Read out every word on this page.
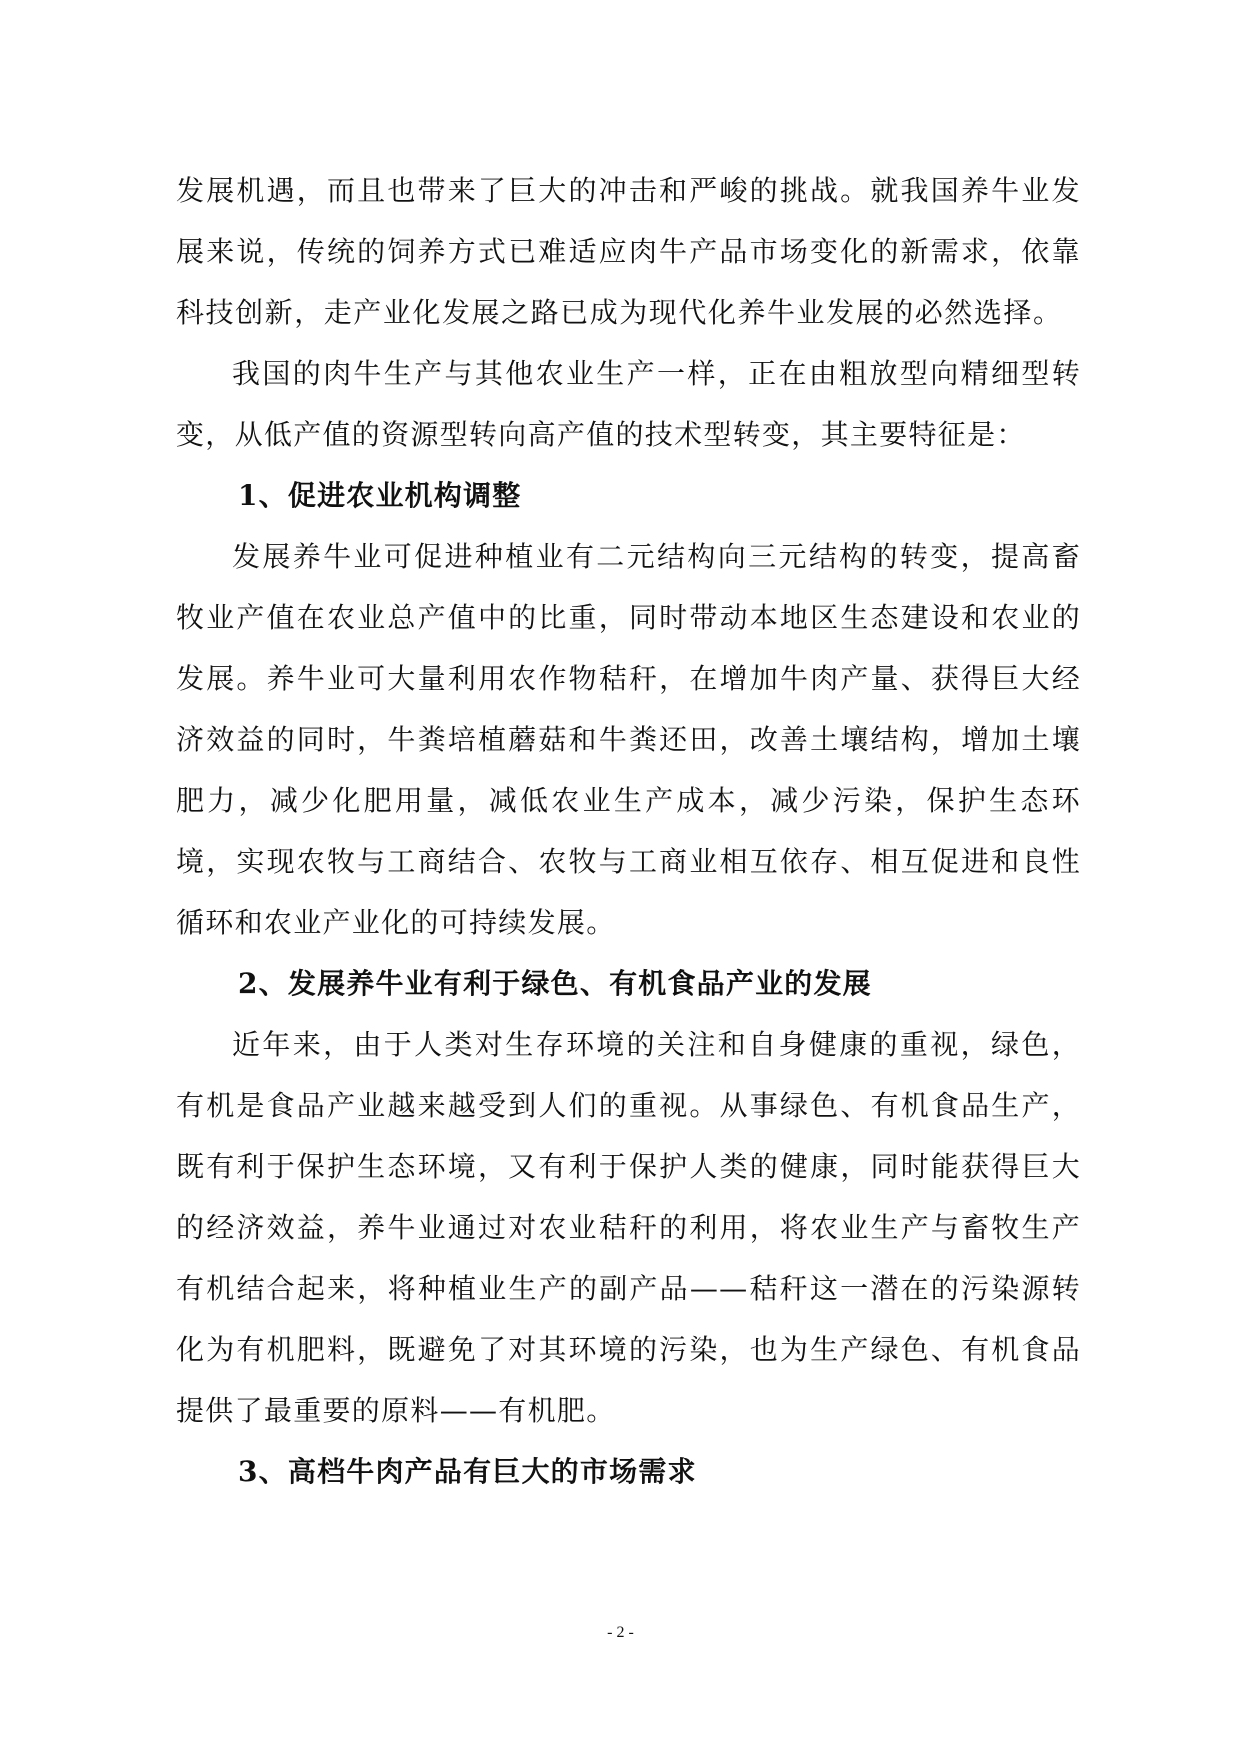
发展机遇，而且也带来了巨大的冲击和严峻的挑战。就我国养牛业发展来说，传统的饲养方式已难适应肉牛产品市场变化的新需求，依靠科技创新，走产业化发展之路已成为现代化养牛业发展的必然选择。

我国的肉牛生产与其他农业生产一样，正在由粗放型向精细型转变，从低产值的资源型转向高产值的技术型转变，其主要特征是：

1、促进农业机构调整

发展养牛业可促进种植业有二元结构向三元结构的转变，提高畜牧业产值在农业总产值中的比重，同时带动本地区生态建设和农业的发展。养牛业可大量利用农作物秸秆，在增加牛肉产量、获得巨大经济效益的同时，牛粪培植蘑菇和牛粪还田，改善土壤结构，增加土壤肥力，减少化肥用量，减低农业生产成本，减少污染，保护生态环境，实现农牧与工商结合、农牧与工商业相互依存、相互促进和良性循环和农业产业化的可持续发展。

2、发展养牛业有利于绿色、有机食品产业的发展

近年来，由于人类对生存环境的关注和自身健康的重视，绿色，有机是食品产业越来越受到人们的重视。从事绿色、有机食品生产，既有利于保护生态环境，又有利于保护人类的健康，同时能获得巨大的经济效益，养牛业通过对农业秸秆的利用，将农业生产与畜牧生产有机结合起来，将种植业生产的副产品——秸秆这一潜在的污染源转化为有机肥料，既避免了对其环境的污染，也为生产绿色、有机食品提供了最重要的原料——有机肥。

3、高档牛肉产品有巨大的市场需求
- 2 -
